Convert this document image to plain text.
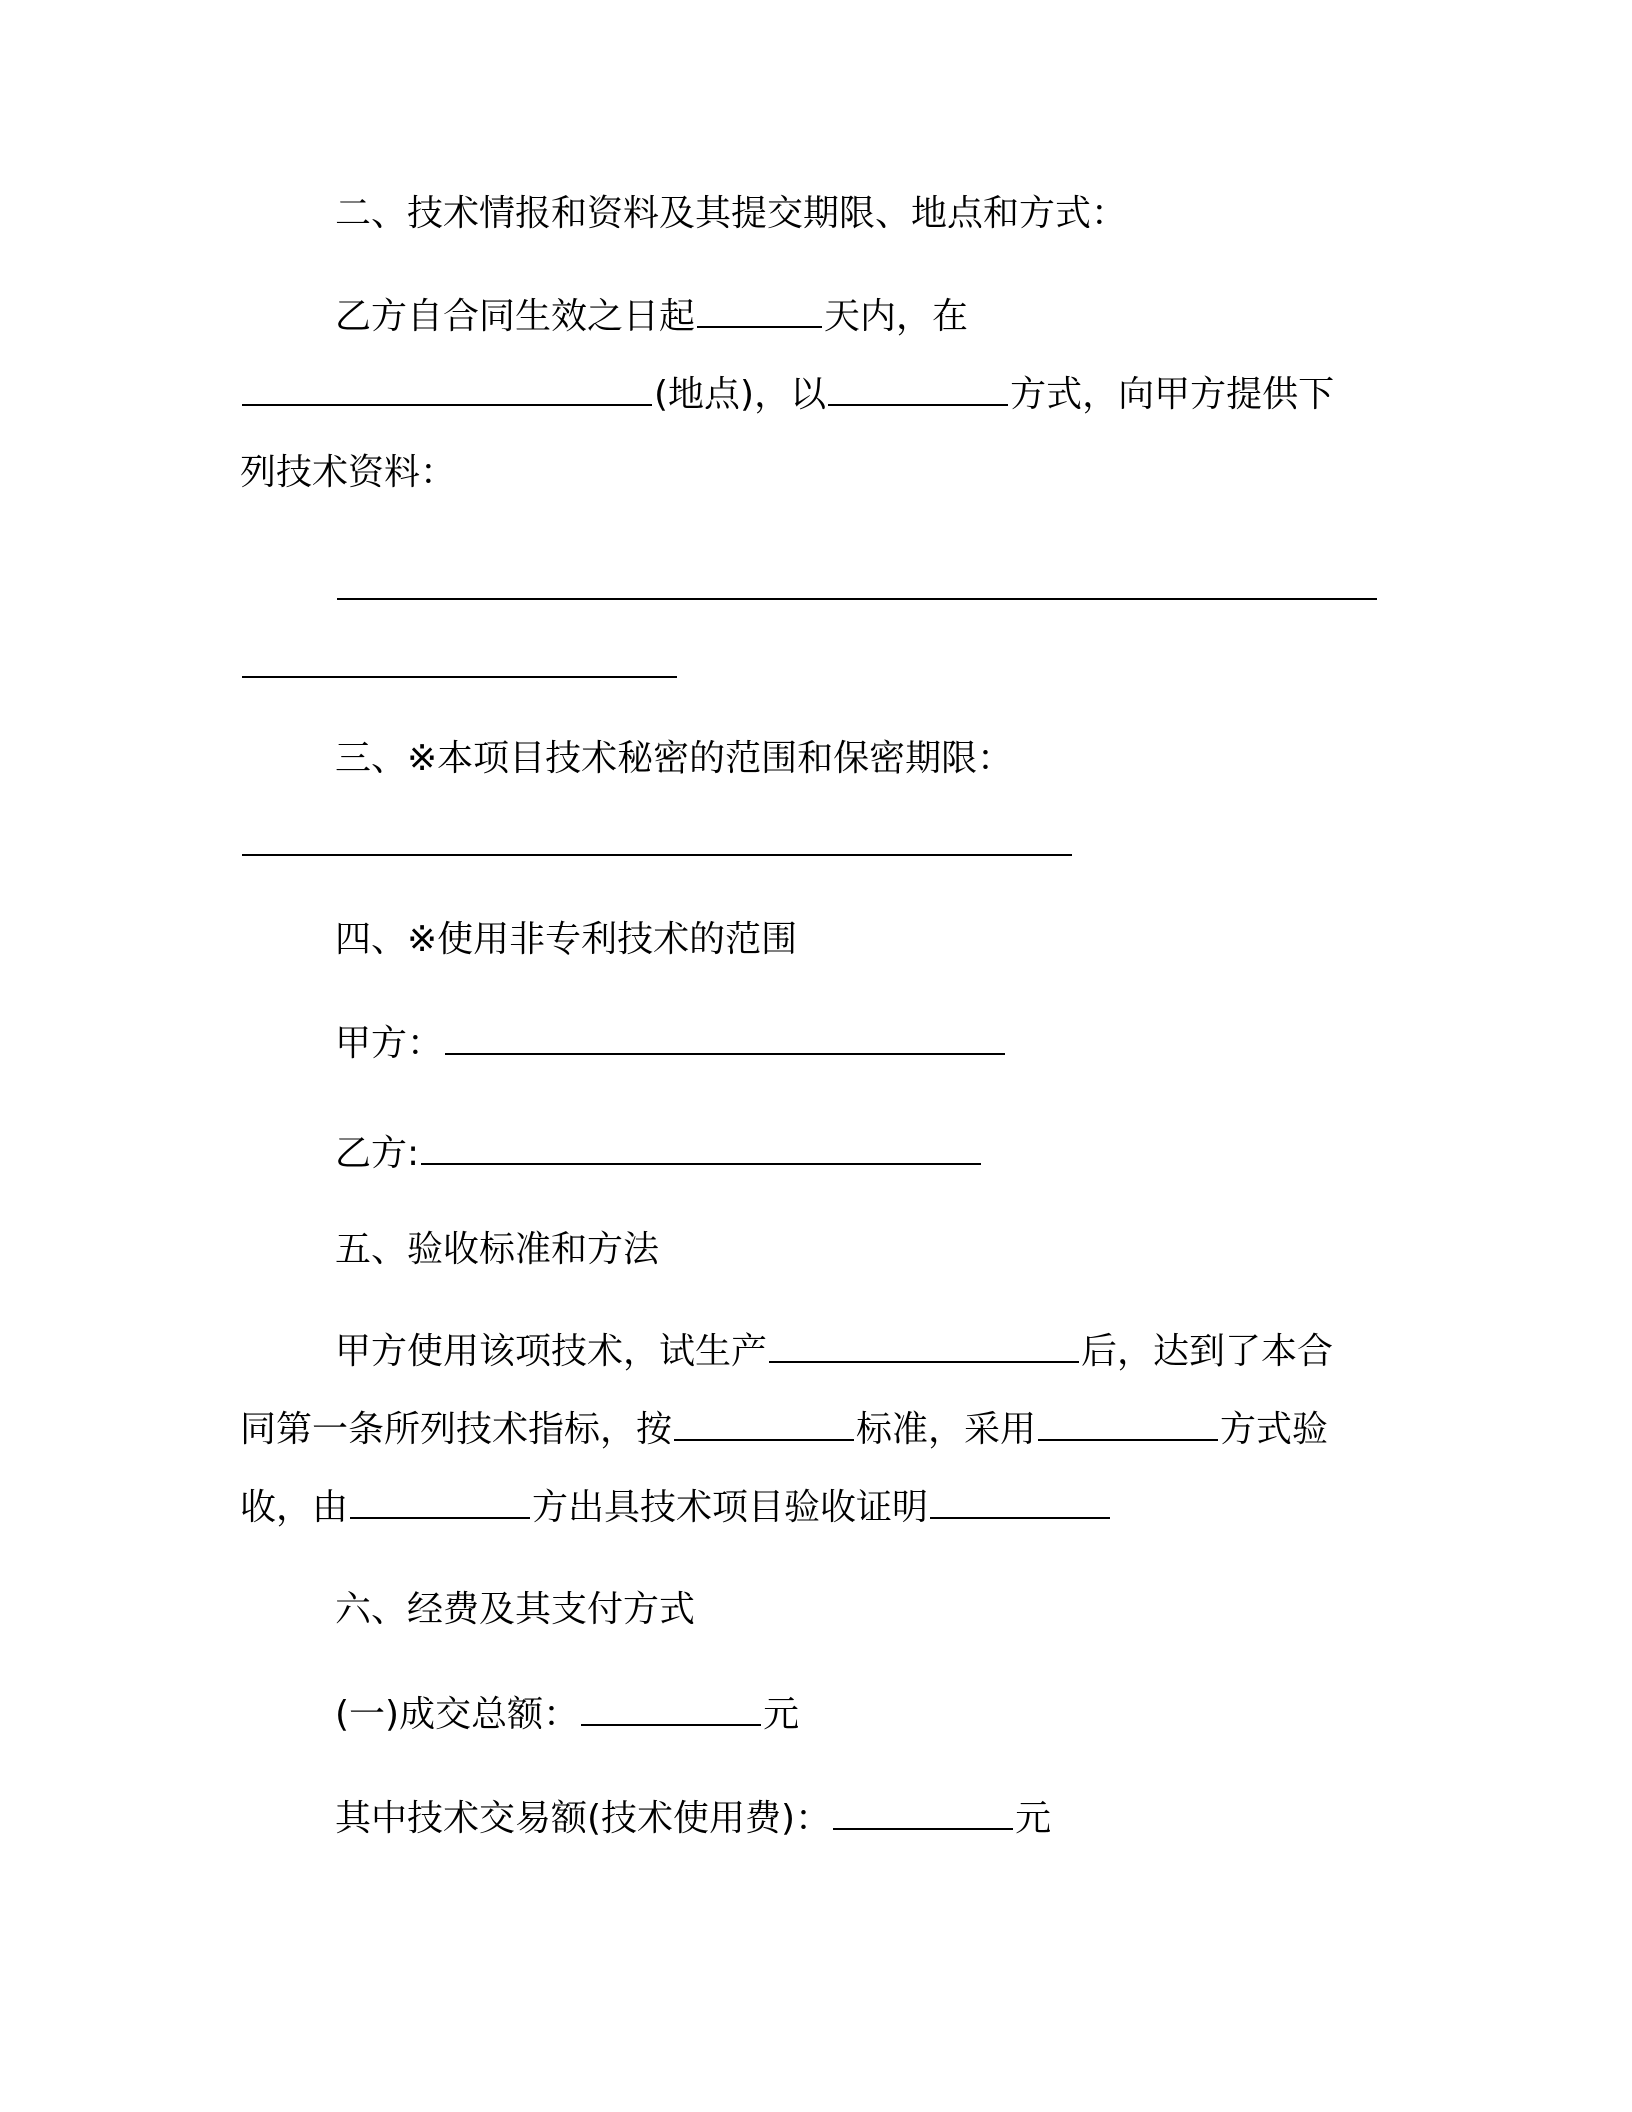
二、技术情报和资料及其提交期限、地点和方式：
乙方自合同生效之日起	天内，在
(地点)，以	方式，向甲方提供下
列技术资料：
三、※本项目技术秘密的范围和保密期限：
四、※使用非专利技术的范围
甲方：
乙方:
五、验收标准和方法
甲方使用该项技术，试生产	后，达到了本合
同第一条所列技术指标，按	标准，采用	方式验
收，由	方出具技术项目验收证明
六、经费及其支付方式
(一)成交总额：	元
其中技术交易额(技术使用费)：	元
